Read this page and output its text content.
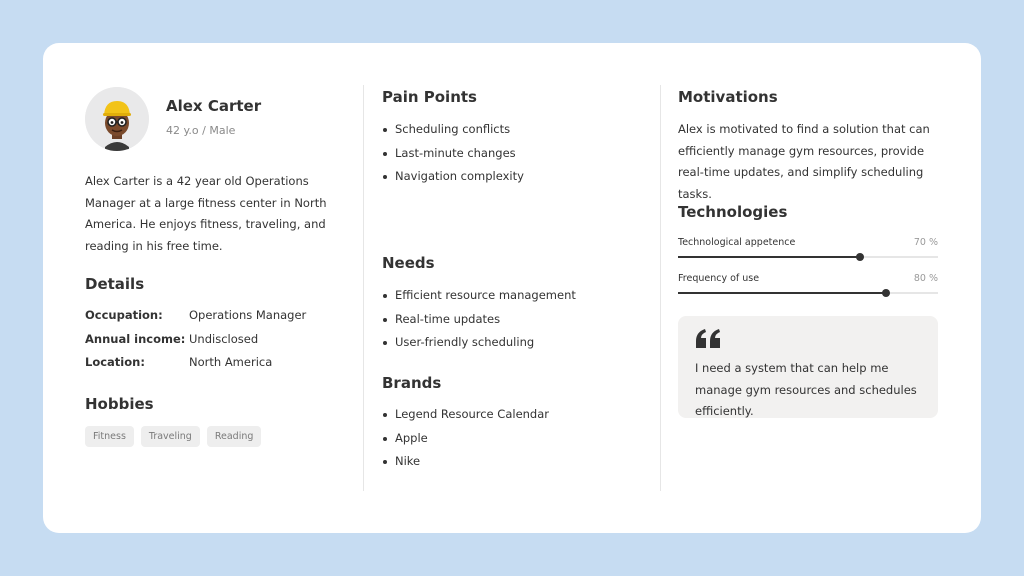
Alex Carter
42 y.o / Male

Alex Carter is a 42 year old Operations Manager at a large fitness center in North America. He enjoys fitness, traveling, and reading in his free time.

Details
Occupation: Operations Manager
Annual income: Undisclosed
Location:	North America
Hobbies
Fitness	Traveling	Reading
Pain Points
Scheduling conflicts
Last-minute changes
Navigation complexity
Needs
Efficient resource management
Real-time updates
User-friendly scheduling
Brands
Legend Resource Calendar
Apple
Nike
Motivations

Alex is motivated to find a solution that can efficiently manage gym resources, provide real-time updates, and simplify scheduling tasks.

Technologies
Technological appetence	70 %
Frequency of use	80 %

I need a system that can help me manage gym resources and schedules efficiently.
